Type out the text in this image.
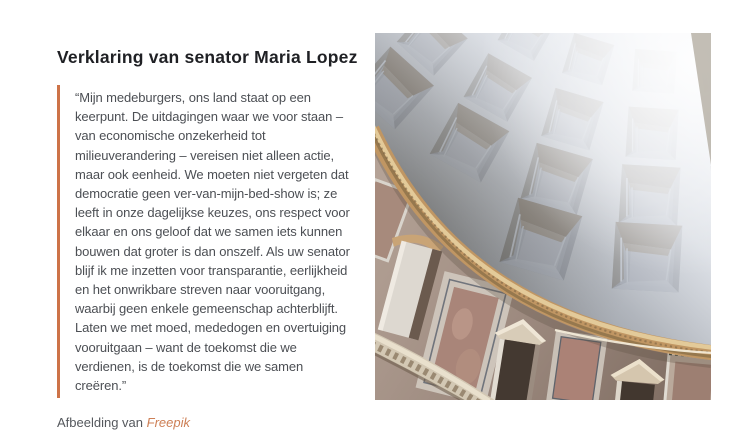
Verklaring van senator Maria Lopez

“Mijn medeburgers, ons land staat op een keerpunt. De uitdagingen waar we voor staan – van economische onzekerheid tot milieuverandering – vereisen niet alleen actie, maar ook eenheid. We moeten niet vergeten dat democratie geen ver-van-mijn-bed-show is; ze leeft in onze dagelijkse keuzes, ons respect voor elkaar en ons geloof dat we samen iets kunnen bouwen dat groter is dan onszelf. Als uw senator blijf ik me inzetten voor transparantie, eerlijkheid en het onwrikbare streven naar vooruitgang, waarbij geen enkele gemeenschap achterblijft. Laten we met moed, mededogen en overtuiging vooruitgaan – want de toekomst die we verdienen, is de toekomst die we samen creëren.”

Afbeelding van Freepik
